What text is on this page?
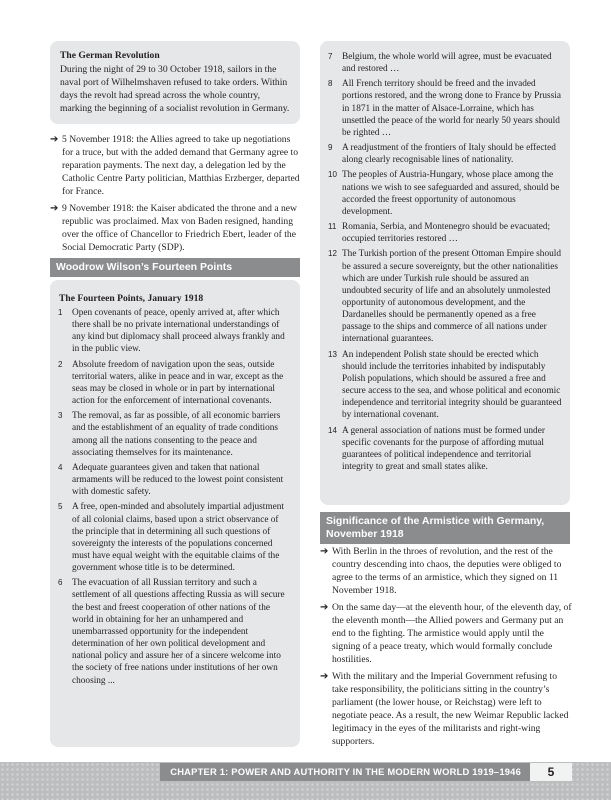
The German Revolution
During the night of 29 to 30 October 1918, sailors in the naval port of Wilhelmshaven refused to take orders. Within days the revolt had spread across the whole country, marking the beginning of a socialist revolution in Germany.
➔ 5 November 1918: the Allies agreed to take up negotiations for a truce, but with the added demand that Germany agree to reparation payments. The next day, a delegation led by the Catholic Centre Party politician, Matthias Erzberger, departed for France.
➔ 9 November 1918: the Kaiser abdicated the throne and a new republic was proclaimed. Max von Baden resigned, handing over the office of Chancellor to Friedrich Ebert, leader of the Social Democratic Party (SDP).
Woodrow Wilson’s Fourteen Points
The Fourteen Points, January 1918
1	Open covenants of peace, openly arrived at, after which there shall be no private international understandings of any kind but diplomacy shall proceed always frankly and in the public view.
2	Absolute freedom of navigation upon the seas, outside territorial waters, alike in peace and in war, except as the seas may be closed in whole or in part by international action for the enforcement of international covenants.
3	The removal, as far as possible, of all economic barriers and the establishment of an equality of trade conditions among all the nations consenting to the peace and associating themselves for its maintenance.
4	Adequate guarantees given and taken that national armaments will be reduced to the lowest point consistent with domestic safety.
5	A free, open-minded and absolutely impartial adjustment of all colonial claims, based upon a strict observance of the principle that in determining all such questions of sovereignty the interests of the populations concerned must have equal weight with the equitable claims of the government whose title is to be determined.
6	The evacuation of all Russian territory and such a settlement of all questions affecting Russia as will secure the best and freest cooperation of other nations of the world in obtaining for her an unhampered and unembarrassed opportunity for the independent determination of her own political development and national policy and assure her of a sincere welcome into the society of free nations under institutions of her own choosing ...
7	Belgium, the whole world will agree, must be evacuated and restored …
8	All French territory should be freed and the invaded portions restored, and the wrong done to France by Prussia in 1871 in the matter of Alsace-Lorraine, which has unsettled the peace of the world for nearly 50 years should be righted …
9	A readjustment of the frontiers of Italy should be effected along clearly recognisable lines of nationality.
10 The peoples of Austria-Hungary, whose place among the nations we wish to see safeguarded and assured, should be accorded the freest opportunity of autonomous development.
11 Romania, Serbia, and Montenegro should be evacuated; occupied territories restored …
12 The Turkish portion of the present Ottoman Empire should be assured a secure sovereignty, but the other nationalities which are under Turkish rule should be assured an undoubted security of life and an absolutely unmolested opportunity of autonomous development, and the Dardanelles should be permanently opened as a free passage to the ships and commerce of all nations under international guarantees.
13 An independent Polish state should be erected which should include the territories inhabited by indisputably Polish populations, which should be assured a free and secure access to the sea, and whose political and economic independence and territorial integrity should be guaranteed by international covenant.
14 A general association of nations must be formed under specific covenants for the purpose of affording mutual guarantees of political independence and territorial integrity to great and small states alike.
Significance of the Armistice with Germany, November 1918
➔ With Berlin in the throes of revolution, and the rest of the country descending into chaos, the deputies were obliged to agree to the terms of an armistice, which they signed on 11 November 1918.
➔ On the same day—at the eleventh hour, of the eleventh day, of the eleventh month—the Allied powers and Germany put an end to the fighting. The armistice would apply until the signing of a peace treaty, which would formally conclude hostilities.
➔ With the military and the Imperial Government refusing to take responsibility, the politicians sitting in the country’s parliament (the lower house, or Reichstag) were left to negotiate peace. As a result, the new Weimar Republic lacked legitimacy in the eyes of the militarists and right-wing supporters.
CHAPTER 1: POWER AND AUTHORITY IN THE MODERN WORLD 1919–1946	5
